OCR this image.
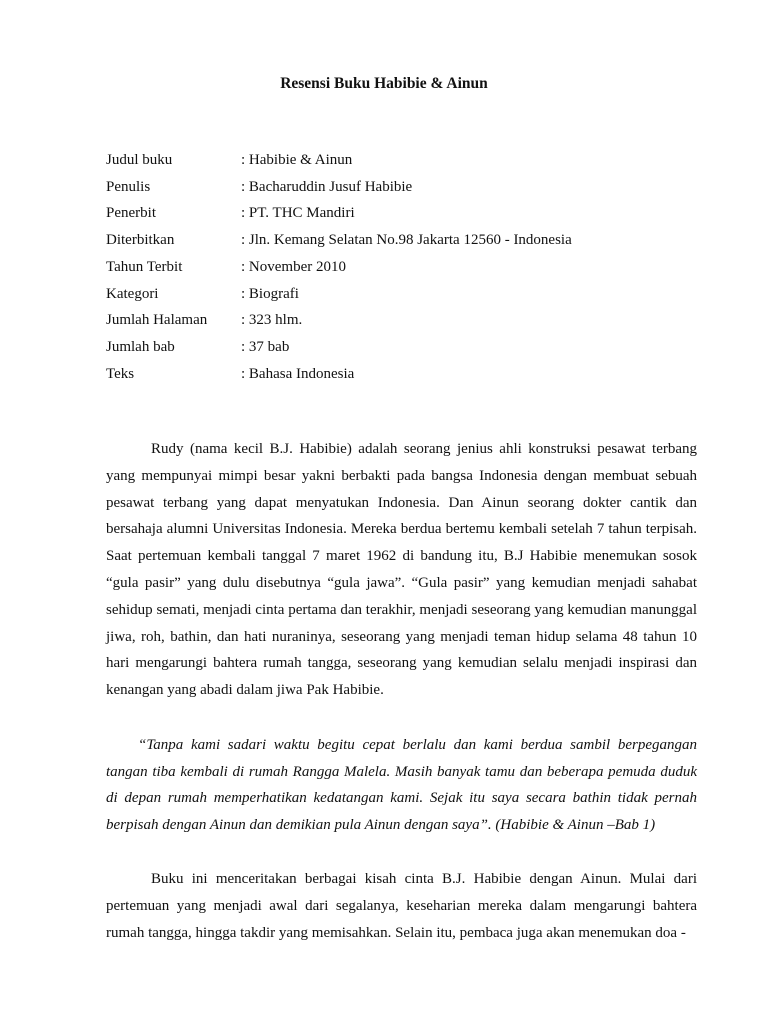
Resensi Buku Habibie & Ainun
Judul buku	: Habibie & Ainun
Penulis	: Bacharuddin Jusuf Habibie
Penerbit	: PT. THC Mandiri
Diterbitkan	: Jln. Kemang Selatan No.98 Jakarta 12560 - Indonesia
Tahun Terbit	: November 2010
Kategori	: Biografi
Jumlah Halaman	: 323 hlm.
Jumlah bab	: 37 bab
Teks	: Bahasa Indonesia

Rudy (nama kecil B.J. Habibie) adalah seorang jenius ahli konstruksi pesawat terbang yang mempunyai mimpi besar yakni berbakti pada bangsa Indonesia dengan membuat sebuah pesawat terbang yang dapat menyatukan Indonesia. Dan Ainun seorang dokter cantik dan bersahaja alumni Universitas Indonesia. Mereka berdua bertemu kembali setelah 7 tahun terpisah. Saat pertemuan kembali tanggal 7 maret 1962 di bandung itu, B.J Habibie menemukan sosok “gula pasir” yang dulu disebutnya “gula jawa”. “Gula pasir” yang kemudian menjadi sahabat sehidup semati, menjadi cinta pertama dan terakhir, menjadi seseorang yang kemudian manunggal jiwa, roh, bathin, dan hati nuraninya, seseorang yang menjadi teman hidup selama 48 tahun 10 hari mengarungi bahtera rumah tangga, seseorang yang kemudian selalu menjadi inspirasi dan kenangan yang abadi dalam jiwa Pak Habibie.

“Tanpa kami sadari waktu begitu cepat berlalu dan kami berdua sambil berpegangan tangan tiba kembali di rumah Rangga Malela. Masih banyak tamu dan beberapa pemuda duduk di depan rumah memperhatikan kedatangan kami. Sejak itu saya secara bathin tidak pernah berpisah dengan Ainun dan demikian pula Ainun dengan saya”. (Habibie & Ainun –Bab 1)

Buku ini menceritakan berbagai kisah cinta B.J. Habibie dengan Ainun. Mulai dari pertemuan yang menjadi awal dari segalanya, keseharian mereka dalam mengarungi bahtera rumah tangga, hingga takdir yang memisahkan. Selain itu, pembaca juga akan menemukan doa -
